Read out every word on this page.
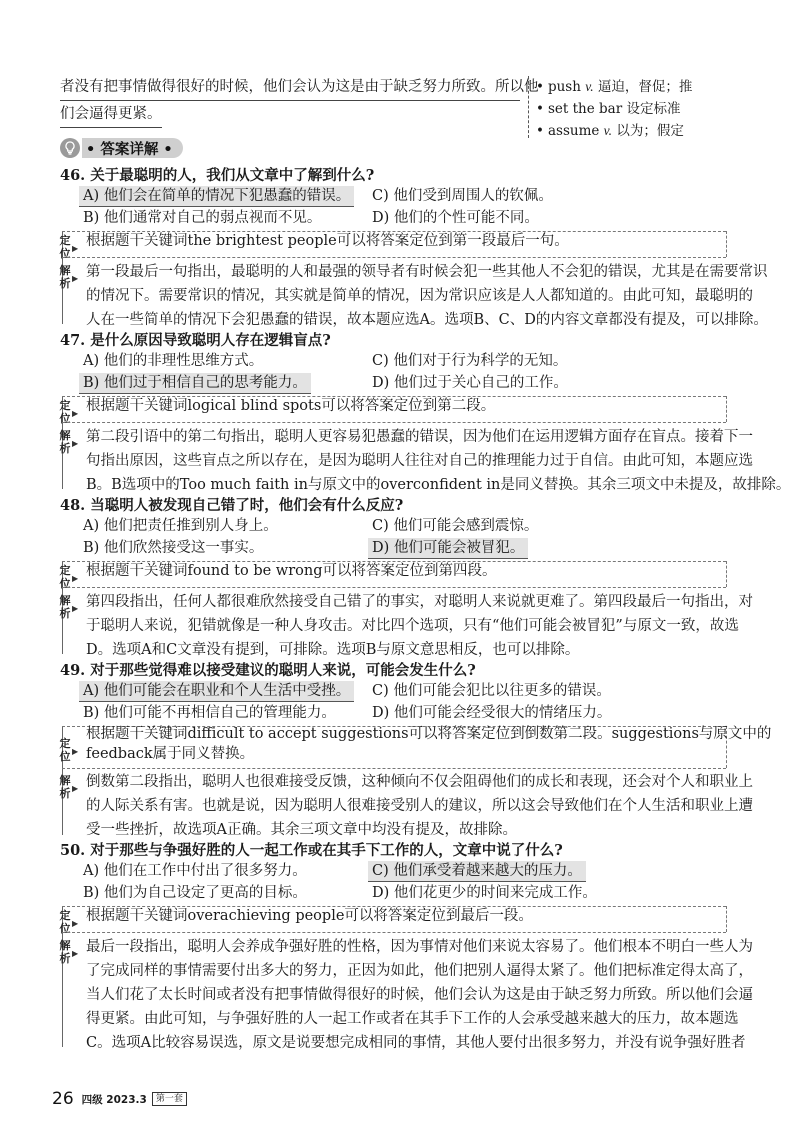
者没有把事情做得很好的时候，他们会认为这是由于缺乏努力所致。所以他
们会逼得更紧。
• push v. 逼迫，督促；推
• set the bar 设定标准
• assume v. 以为；假定
• 答案详解 •
46. 关于最聪明的人，我们从文章中了解到什么?
A) 他们会在简单的情况下犯愚蠢的错误。 C) 他们受到周围人的钦佩。
B) 他们通常对自己的弱点视而不见。	D) 他们的个性可能不同。
定
位 ▶ 根据题干关键词the brightest people可以将答案定位到第一段最后一句。
解
析 ▶ 第一段最后一句指出，最聪明的人和最强的领导者有时候会犯一些其他人不会犯的错误，尤其是在需要常识
的情况下。需要常识的情况，其实就是简单的情况，因为常识应该是人人都知道的。由此可知，最聪明的
人在一些简单的情况下会犯愚蠢的错误，故本题应选A。选项B、C、D的内容文章都没有提及，可以排除。
47. 是什么原因导致聪明人存在逻辑盲点?
A) 他们的非理性思维方式。	C) 他们对于行为科学的无知。
B) 他们过于相信自己的思考能力。	D) 他们过于关心自己的工作。
定
位 ▶ 根据题干关键词logical blind spots可以将答案定位到第二段。
解
析 ▶ 第二段引语中的第二句指出，聪明人更容易犯愚蠢的错误，因为他们在运用逻辑方面存在盲点。接着下一
句指出原因，这些盲点之所以存在，是因为聪明人往往对自己的推理能力过于自信。由此可知，本题应选
B。B选项中的Too much faith in与原文中的overconfident in是同义替换。其余三项文中未提及，故排除。
48. 当聪明人被发现自己错了时，他们会有什么反应?
A) 他们把责任推到别人身上。	C) 他们可能会感到震惊。
B) 他们欣然接受这一事实。	D) 他们可能会被冒犯。
定
位 ▶ 根据题干关键词found to be wrong可以将答案定位到第四段。
解
析 ▶ 第四段指出，任何人都很难欣然接受自己错了的事实，对聪明人来说就更难了。第四段最后一句指出，对
于聪明人来说，犯错就像是一种人身攻击。对比四个选项，只有“他们可能会被冒犯”与原文一致，故选
D。选项A和C文章没有提到，可排除。选项B与原文意思相反，也可以排除。
49. 对于那些觉得难以接受建议的聪明人来说，可能会发生什么?
A) 他们可能会在职业和个人生活中受挫。 C) 他们可能会犯比以往更多的错误。
B) 他们可能不再相信自己的管理能力。 D) 他们可能会经受很大的情绪压力。
定
位 ▶
根据题干关键词difficult to accept suggestions可以将答案定位到倒数第二段。suggestions与原文中的
feedback属于同义替换。
解
析 ▶ 倒数第二段指出，聪明人也很难接受反馈，这种倾向不仅会阻碍他们的成长和表现，还会对个人和职业上
的人际关系有害。也就是说，因为聪明人很难接受别人的建议，所以这会导致他们在个人生活和职业上遭
受一些挫折，故选项A正确。其余三项文章中均没有提及，故排除。
50. 对于那些与争强好胜的人一起工作或在其手下工作的人，文章中说了什么?
A) 他们在工作中付出了很多努力。	C) 他们承受着越来越大的压力。
B) 他们为自己设定了更高的目标。	D) 他们花更少的时间来完成工作。
定
位 ▶ 根据题干关键词overachieving people可以将答案定位到最后一段。
解
析 ▶ 最后一段指出，聪明人会养成争强好胜的性格，因为事情对他们来说太容易了。他们根本不明白一些人为
了完成同样的事情需要付出多大的努力，正因为如此，他们把别人逼得太紧了。他们把标准定得太高了，
当人们花了太长时间或者没有把事情做得很好的时候，他们会认为这是由于缺乏努力所致。所以他们会逼
得更紧。由此可知，与争强好胜的人一起工作或者在其手下工作的人会承受越来越大的压力，故本题选
C。选项A比较容易误选，原文是说要想完成相同的事情，其他人要付出很多努力，并没有说争强好胜者
26 四级 2023.3	第一套
